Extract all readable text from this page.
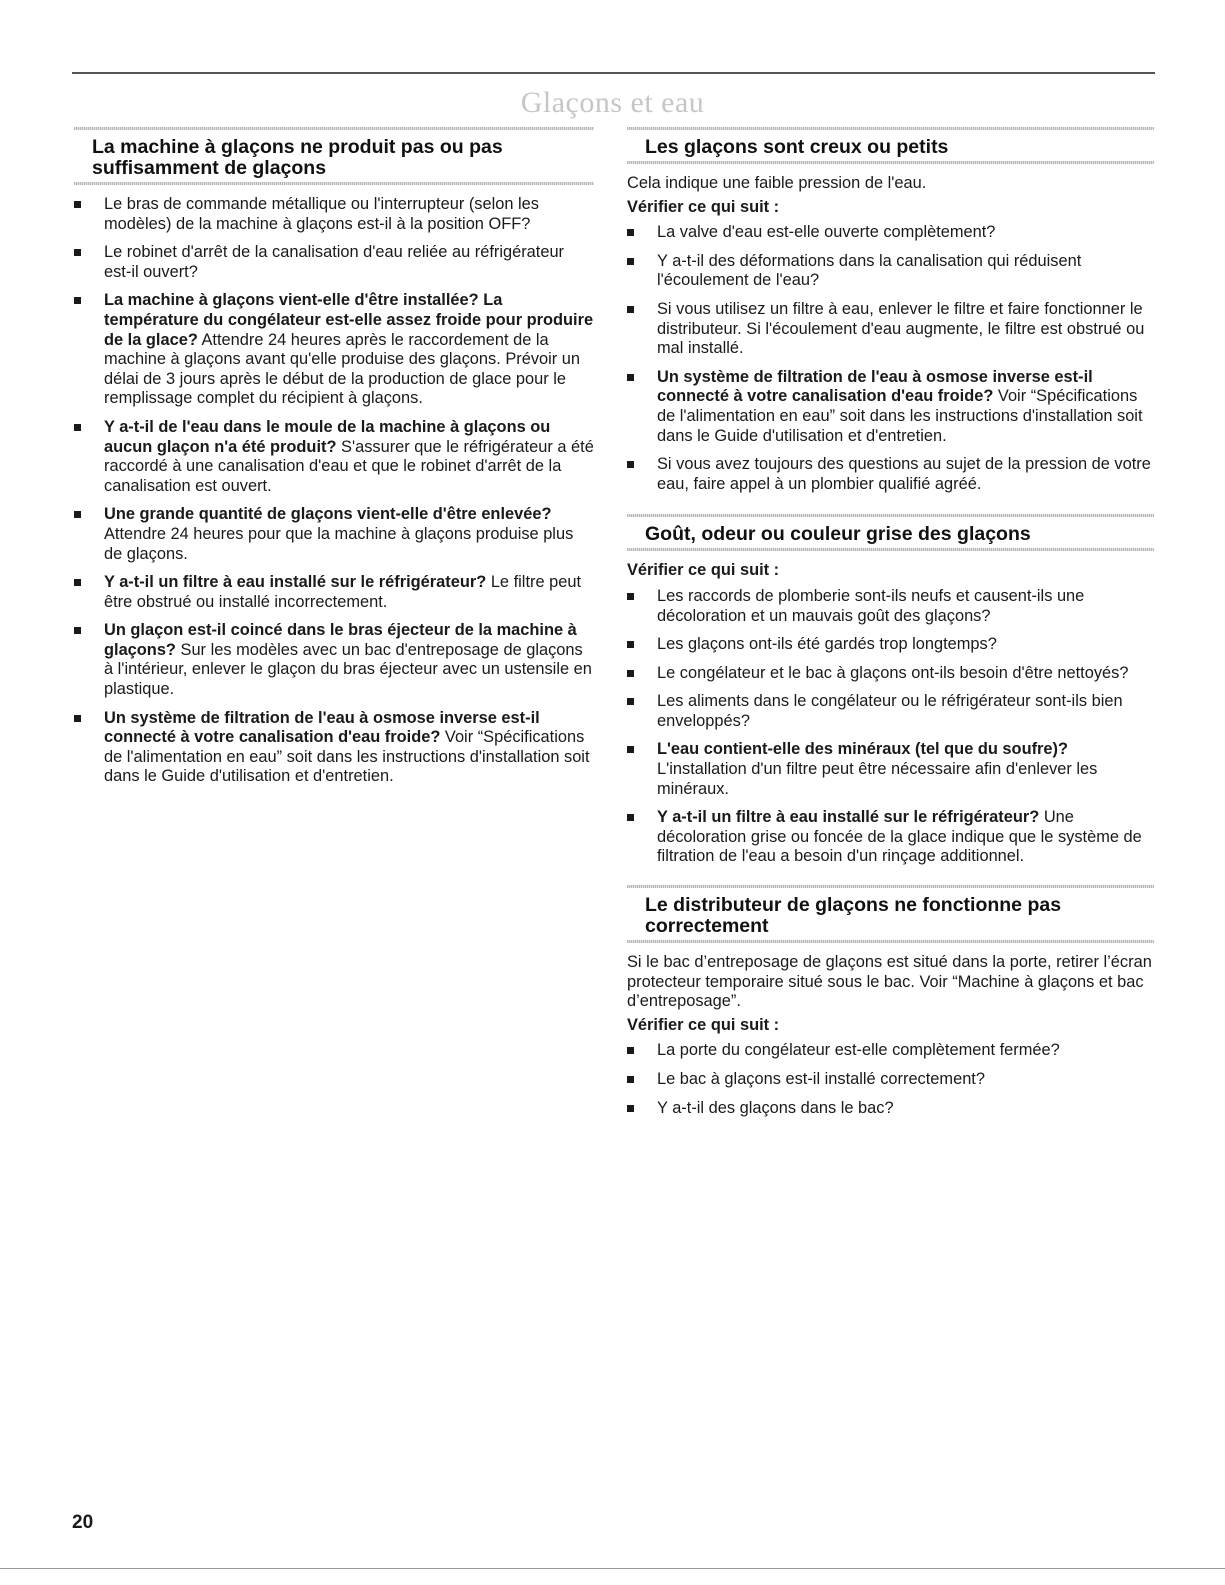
Glaçons et eau
La machine à glaçons ne produit pas ou pas suffisamment de glaçons
Le bras de commande métallique ou l'interrupteur (selon les modèles) de la machine à glaçons est-il à la position OFF?
Le robinet d'arrêt de la canalisation d'eau reliée au réfrigérateur est-il ouvert?
La machine à glaçons vient-elle d'être installée? La température du congélateur est-elle assez froide pour produire de la glace? Attendre 24 heures après le raccordement de la machine à glaçons avant qu'elle produise des glaçons. Prévoir un délai de 3 jours après le début de la production de glace pour le remplissage complet du récipient à glaçons.
Y a-t-il de l'eau dans le moule de la machine à glaçons ou aucun glaçon n'a été produit? S'assurer que le réfrigérateur a été raccordé à une canalisation d'eau et que le robinet d'arrêt de la canalisation est ouvert.
Une grande quantité de glaçons vient-elle d'être enlevée? Attendre 24 heures pour que la machine à glaçons produise plus de glaçons.
Y a-t-il un filtre à eau installé sur le réfrigérateur? Le filtre peut être obstrué ou installé incorrectement.
Un glaçon est-il coincé dans le bras éjecteur de la machine à glaçons? Sur les modèles avec un bac d'entreposage de glaçons à l'intérieur, enlever le glaçon du bras éjecteur avec un ustensile en plastique.
Un système de filtration de l'eau à osmose inverse est-il connecté à votre canalisation d'eau froide? Voir “Spécifications de l'alimentation en eau” soit dans les instructions d'installation soit dans le Guide d'utilisation et d'entretien.
Les glaçons sont creux ou petits

Cela indique une faible pression de l'eau.

Vérifier ce qui suit :

La valve d'eau est-elle ouverte complètement?
Y a-t-il des déformations dans la canalisation qui réduisent l'écoulement de l'eau?
Si vous utilisez un filtre à eau, enlever le filtre et faire fonctionner le distributeur. Si l'écoulement d'eau augmente, le filtre est obstrué ou mal installé.
Un système de filtration de l'eau à osmose inverse est-il connecté à votre canalisation d'eau froide? Voir “Spécifications de l'alimentation en eau” soit dans les instructions d'installation soit dans le Guide d'utilisation et d'entretien.
Si vous avez toujours des questions au sujet de la pression de votre eau, faire appel à un plombier qualifié agréé.
Goût, odeur ou couleur grise des glaçons

Vérifier ce qui suit :

Les raccords de plomberie sont-ils neufs et causent-ils une décoloration et un mauvais goût des glaçons?
Les glaçons ont-ils été gardés trop longtemps?
Le congélateur et le bac à glaçons ont-ils besoin d'être nettoyés?
Les aliments dans le congélateur ou le réfrigérateur sont-ils bien enveloppés?
L'eau contient-elle des minéraux (tel que du soufre)? L'installation d'un filtre peut être nécessaire afin d'enlever les minéraux.
Y a-t-il un filtre à eau installé sur le réfrigérateur? Une décoloration grise ou foncée de la glace indique que le système de filtration de l'eau a besoin d'un rinçage additionnel.
Le distributeur de glaçons ne fonctionne pas correctement

Si le bac d’entreposage de glaçons est situé dans la porte, retirer l’écran protecteur temporaire situé sous le bac. Voir “Machine à glaçons et bac d’entreposage”.

Vérifier ce qui suit :

La porte du congélateur est-elle complètement fermée?
Le bac à glaçons est-il installé correctement?
Y a-t-il des glaçons dans le bac?
20
